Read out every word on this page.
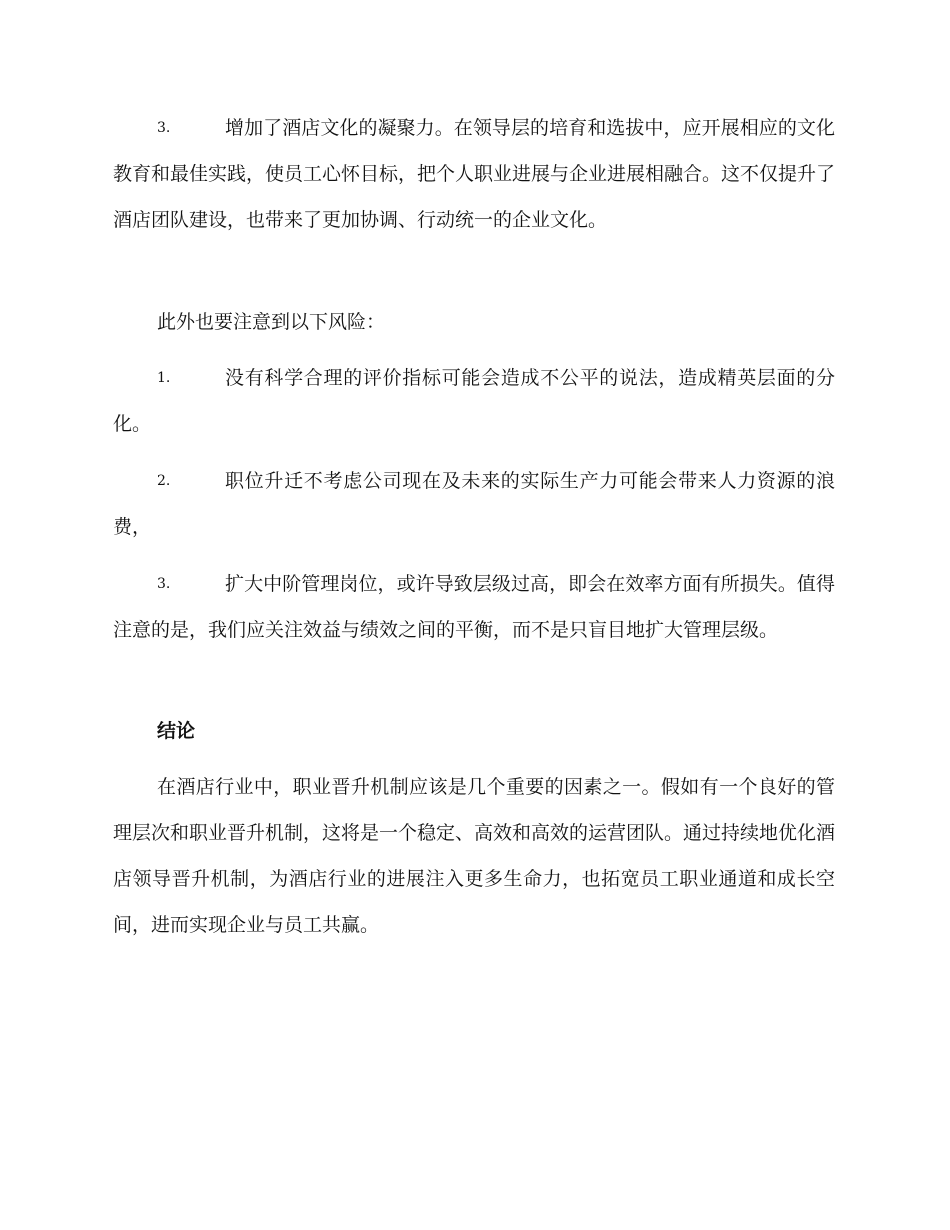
3.	增加了酒店文化的凝聚力。在领导层的培育和选拔中，应开展相应的文化教育和最佳实践，使员工心怀目标，把个人职业进展与企业进展相融合。这不仅提升了酒店团队建设，也带来了更加协调、行动统一的企业文化。
此外也要注意到以下风险：
1.	没有科学合理的评价指标可能会造成不公平的说法，造成精英层面的分化。
2.	职位升迁不考虑公司现在及未来的实际生产力可能会带来人力资源的浪费，
3.	扩大中阶管理岗位，或许导致层级过高，即会在效率方面有所损失。值得注意的是，我们应关注效益与绩效之间的平衡，而不是只盲目地扩大管理层级。
结论
在酒店行业中，职业晋升机制应该是几个重要的因素之一。假如有一个良好的管理层次和职业晋升机制，这将是一个稳定、高效和高效的运营团队。通过持续地优化酒店领导晋升机制，为酒店行业的进展注入更多生命力，也拓宽员工职业通道和成长空间，进而实现企业与员工共赢。
